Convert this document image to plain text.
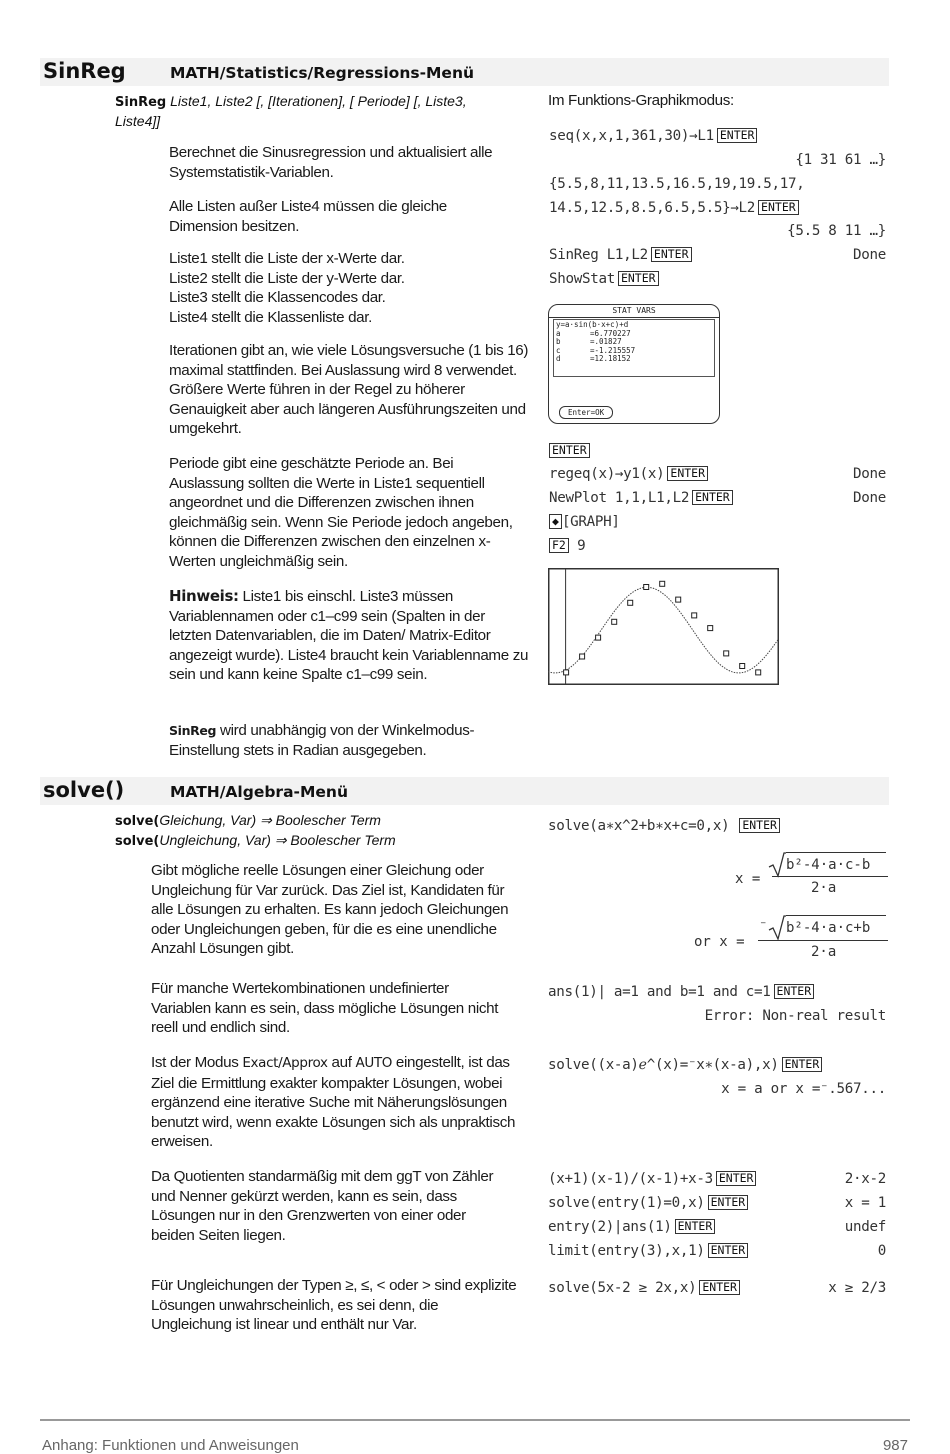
SinReg	MATH/Statistics/Regressions-Menü
SinReg Liste1, Liste2 [, [Iterationen], [ Periode] [, Liste3,
Liste4]]
Berechnet die Sinusregression und aktualisiert alle Systemstatistik-Variablen.
Alle Listen außer Liste4 müssen die gleiche Dimension besitzen.
Liste1 stellt die Liste der x-Werte dar.
Liste2 stellt die Liste der y-Werte dar.
Liste3 stellt die Klassencodes dar.
Liste4 stellt die Klassenliste dar.
Iterationen gibt an, wie viele Lösungsversuche (1 bis 16) maximal stattfinden. Bei Auslassung wird 8 verwendet. Größere Werte führen in der Regel zu höherer Genauigkeit aber auch längeren Ausführungszeiten und umgekehrt.
Periode gibt eine geschätzte Periode an. Bei Auslassung sollten die Werte in Liste1 sequentiell angeordnet und die Differenzen zwischen ihnen gleichmäßig sein. Wenn Sie Periode jedoch angeben, können die Differenzen zwischen den einzelnen x-Werten ungleichmäßig sein.
Hinweis: Liste1 bis einschl. Liste3 müssen Variablennamen oder c1–c99 sein (Spalten in der letzten Datenvariablen, die im Daten/ Matrix-Editor angezeigt wurde). Liste4 braucht kein Variablenname zu sein und kann keine Spalte c1–c99 sein.
SinReg wird unabhängig von der Winkelmodus-Einstellung stets in Radian ausgegeben.
Im Funktions-Graphikmodus:
seq(x,x,1,361,30)→L1 ENTER
{1 31 61 …}
{5.5,8,11,13.5,16.5,19,19.5,17,
14.5,12.5,8.5,6.5,5.5}→L2 ENTER
{5.5 8 11 …}
SinReg L1,L2 ENTER	Done
ShowStat ENTER
STAT VARS
y=a·sin(b·x+c)+d
a	=6.770227
b	=.01827
c	=-1.215557
d	=12.18152
Enter=OK
ENTER
regeq(x)→y1(x) ENTER	Done
NewPlot 1,1,L1,L2 ENTER	Done
◆ [GRAPH]
F2 9
solve()	MATH/Algebra-Menü
solve(Gleichung, Var) ⇒ Boolescher Term
solve(Ungleichung, Var) ⇒ Boolescher Term
Gibt mögliche reelle Lösungen einer Gleichung oder Ungleichung für Var zurück. Das Ziel ist, Kandidaten für alle Lösungen zu erhalten. Es kann jedoch Gleichungen oder Ungleichungen geben, für die es eine unendliche Anzahl Lösungen gibt.
Für manche Wertekombinationen undefinierter Variablen kann es sein, dass mögliche Lösungen nicht reell und endlich sind.
Ist der Modus Exact/Approx auf AUTO eingestellt, ist das Ziel die Ermittlung exakter kompakter Lösungen, wobei ergänzend eine iterative Suche mit Näherungslösungen benutzt wird, wenn exakte Lösungen sich als unpraktisch erweisen.
Da Quotienten standarmäßig mit dem ggT von Zähler und Nenner gekürzt werden, kann es sein, dass Lösungen nur in den Grenzwerten von einer oder beiden Seiten liegen.
Für Ungleichungen der Typen ≥, ≤, < oder > sind explizite Lösungen unwahrscheinlich, es sei denn, die Ungleichung ist linear und enthält nur Var.
solve(a∗x^2+b∗x+c=0,x) ENTER
x =
b²-4·a·c-b
2·a
or x =
⁻ b²-4·a·c+b
2·a
ans(1)| a=1 and b=1 and c=1 ENTER
Error: Non-real result
solve((x-a)ℯ^(x)=⁻x∗(x-a),x) ENTER
x = a or x =⁻.567...
(x+1)(x-1)/(x-1)+x-3 ENTER	2·x-2
solve(entry(1)=0,x) ENTER	x = 1
entry(2)|ans(1) ENTER	undef
limit(entry(3),x,1) ENTER	0
solve(5x-2 ≥ 2x,x) ENTER	x ≥ 2/3
Anhang: Funktionen und Anweisungen	987
